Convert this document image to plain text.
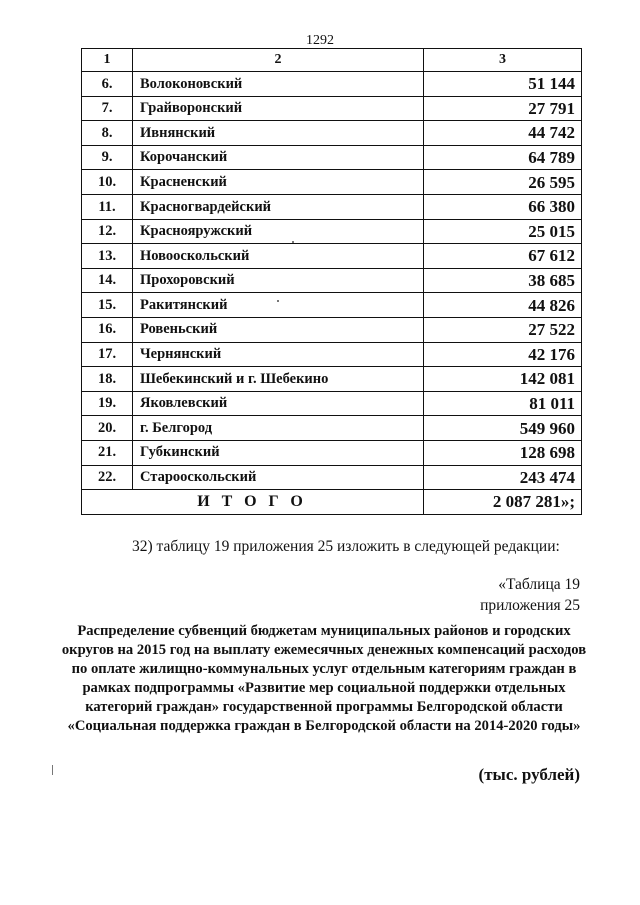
1292
1	2	3
6.	Волоконовский	51 144
7.	Грайворонский	27 791
8.	Ивнянский	44 742
9.	Корочанский	64 789
10.	Красненский	26 595
11.	Красногвардейский	66 380
12.	Краснояружский	25 015
13.	Новооскольский	67 612
14.	Прохоровский	38 685
15.	Ракитянский	44 826
16.	Ровеньский	27 522
17.	Чернянский	42 176
18.	Шебекинский и г. Шебекино	142 081
19.	Яковлевский	81 011
20.	г. Белгород	549 960
21.	Губкинский	128 698
22.	Старооскольский	243 474
ИТОГО		2 087 281»;
32) таблицу 19 приложения 25 изложить в следующей редакции:
«Таблица 19
приложения 25
Распределение субвенций бюджетам муниципальных районов и городских округов на 2015 год на выплату ежемесячных денежных компенсаций расходов по оплате жилищно-коммунальных услуг отдельным категориям граждан в рамках подпрограммы «Развитие мер социальной поддержки отдельных категорий граждан» государственной программы Белгородской области «Социальная поддержка граждан в Белгородской области на 2014-2020 годы»
(тыс. рублей)
